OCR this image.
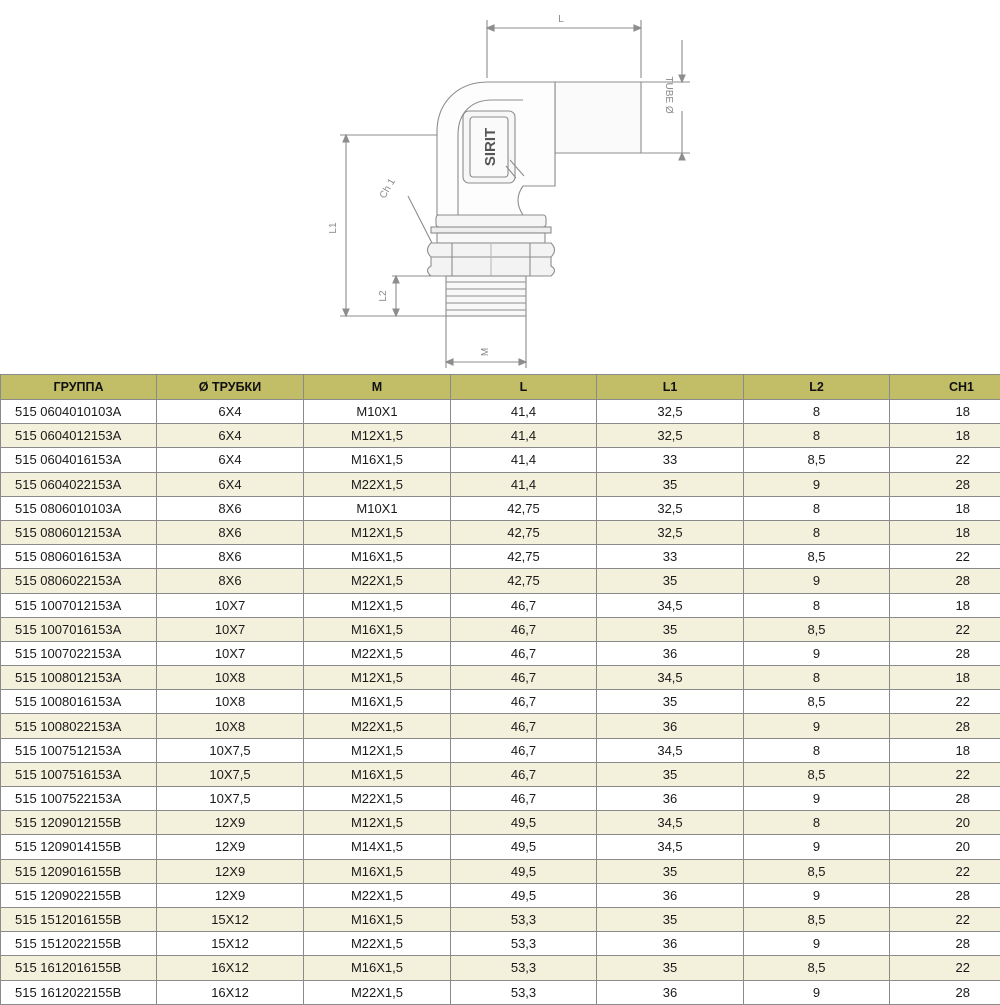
L
TUBE Ø
L1
Ch 1
L2
M
SIRIT
ГРУППА	Ø ТРУБКИ	M	L	L1	L2	CH1
515 0604010103A	6X4	M10X1	41,4	32,5	8	18
515 0604012153A	6X4	M12X1,5	41,4	32,5	8	18
515 0604016153A	6X4	M16X1,5	41,4	33	8,5	22
515 0604022153A	6X4	M22X1,5	41,4	35	9	28
515 0806010103A	8X6	M10X1	42,75	32,5	8	18
515 0806012153A	8X6	M12X1,5	42,75	32,5	8	18
515 0806016153A	8X6	M16X1,5	42,75	33	8,5	22
515 0806022153A	8X6	M22X1,5	42,75	35	9	28
515 1007012153A	10X7	M12X1,5	46,7	34,5	8	18
515 1007016153A	10X7	M16X1,5	46,7	35	8,5	22
515 1007022153A	10X7	M22X1,5	46,7	36	9	28
515 1008012153A	10X8	M12X1,5	46,7	34,5	8	18
515 1008016153A	10X8	M16X1,5	46,7	35	8,5	22
515 1008022153A	10X8	M22X1,5	46,7	36	9	28
515 1007512153A	10X7,5	M12X1,5	46,7	34,5	8	18
515 1007516153A	10X7,5	M16X1,5	46,7	35	8,5	22
515 1007522153A	10X7,5	M22X1,5	46,7	36	9	28
515 1209012155B	12X9	M12X1,5	49,5	34,5	8	20
515 1209014155B	12X9	M14X1,5	49,5	34,5	9	20
515 1209016155B	12X9	M16X1,5	49,5	35	8,5	22
515 1209022155B	12X9	M22X1,5	49,5	36	9	28
515 1512016155B	15X12	M16X1,5	53,3	35	8,5	22
515 1512022155B	15X12	M22X1,5	53,3	36	9	28
515 1612016155B	16X12	M16X1,5	53,3	35	8,5	22
515 1612022155B	16X12	M22X1,5	53,3	36	9	28
